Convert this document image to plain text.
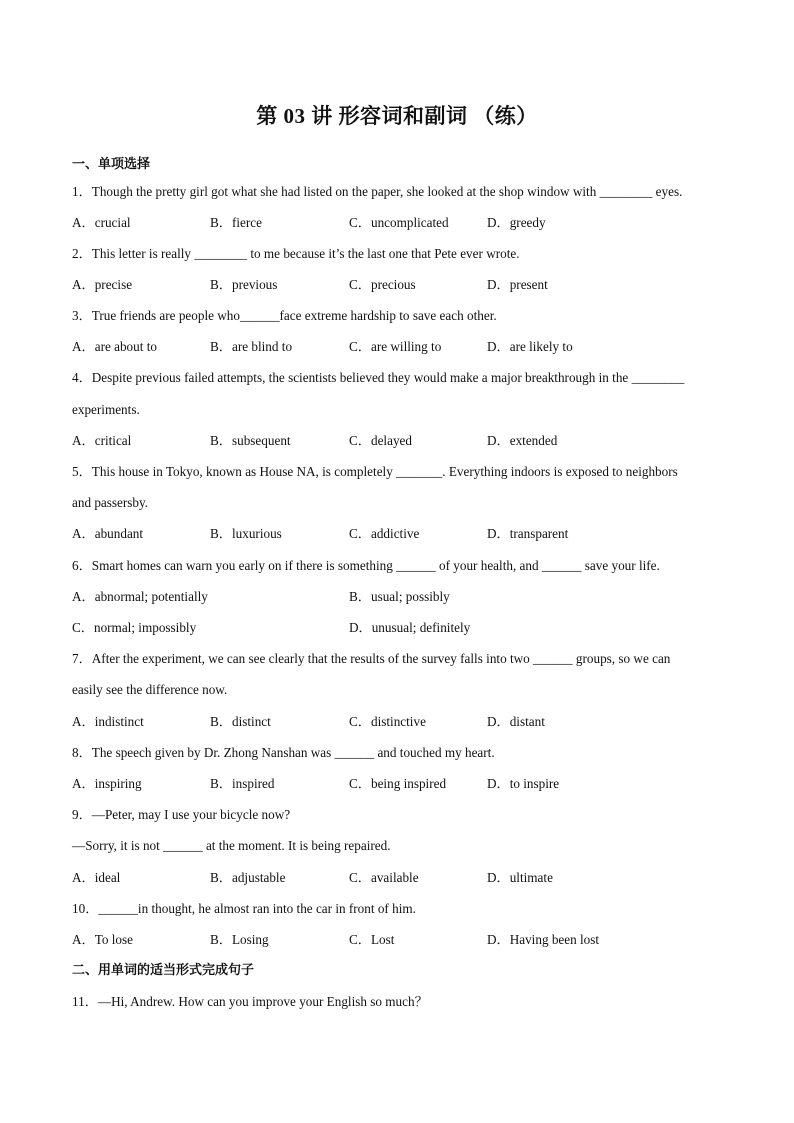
第 03 讲 形容词和副词 （练）
一、单项选择
1．Though the pretty girl got what she had listed on the paper, she looked at the shop window with ________ eyes.
A．crucial	B．fierce	C．uncomplicated	D．greedy
2．This letter is really ________ to me because it’s the last one that Pete ever wrote.
A．precise	B．previous	C．precious	D．present
3．True friends are people who______face extreme hardship to save each other.
A．are about to	B．are blind to	C．are willing to	D．are likely to
4．Despite previous failed attempts, the scientists believed they would make a major breakthrough in the ________
experiments.
A．critical	B．subsequent	C．delayed	D．extended
5．This house in Tokyo, known as House NA, is completely _______. Everything indoors is exposed to neighbors
and passersby.
A．abundant	B．luxurious	C．addictive	D．transparent
6．Smart homes can warn you early on if there is something ______ of your health, and ______ save your life.
A．abnormal; potentially	B．usual; possibly
C．normal; impossibly	D．unusual; definitely
7．After the experiment, we can see clearly that the results of the survey falls into two ______ groups, so we can
easily see the difference now.
A．indistinct	B．distinct	C．distinctive	D．distant
8．The speech given by Dr. Zhong Nanshan was ______ and touched my heart.
A．inspiring	B．inspired	C．being inspired	D．to inspire
9．—Peter, may I use your bicycle now?
—Sorry, it is not ______ at the moment. It is being repaired.
A．ideal	B．adjustable	C．available	D．ultimate
10．______in thought, he almost ran into the car in front of him.
A．To lose	B．Losing	C．Lost	D．Having been lost
二、用单词的适当形式完成句子
11．—Hi, Andrew. How can you improve your English so much？
